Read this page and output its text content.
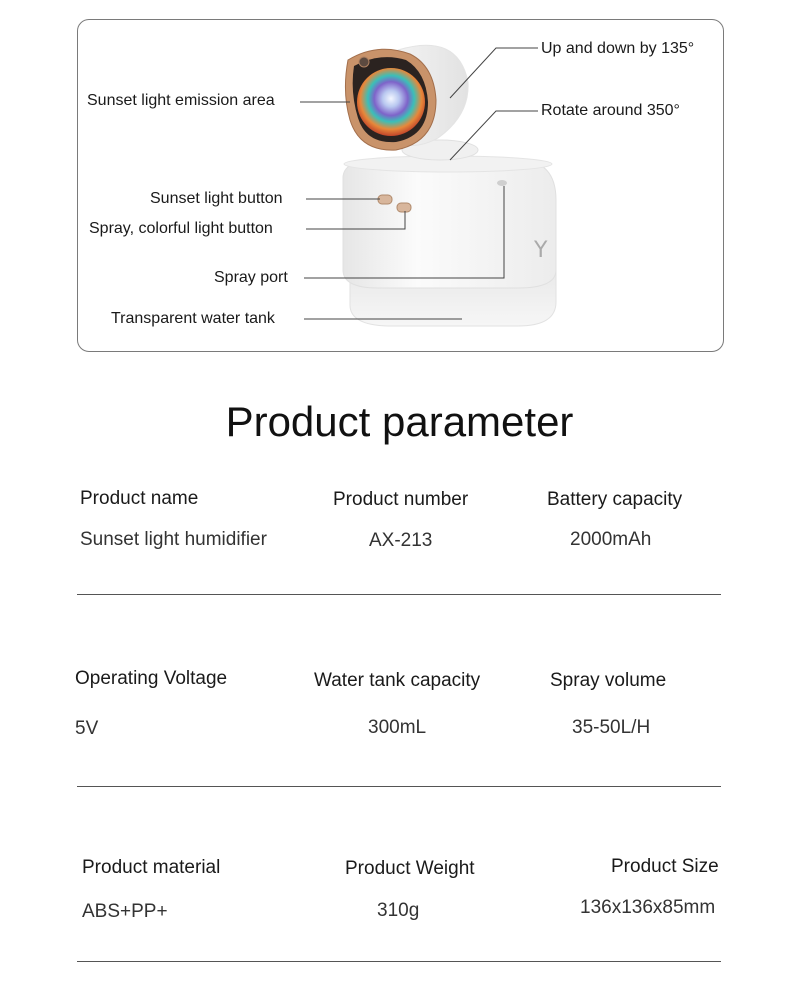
Sunset light emission area
Up and down by 135°
Rotate around 350°
Sunset light button
Spray, colorful light button
Spray port
Transparent water tank
Y
Product parameter
Product name
Sunset light humidifier
Product number
AX-213
Battery capacity
2000mAh
Operating Voltage
5V
Water tank capacity
300mL
Spray volume
35-50L/H
Product material
ABS+PP+
Product Weight
310g
Product Size
136x136x85mm
